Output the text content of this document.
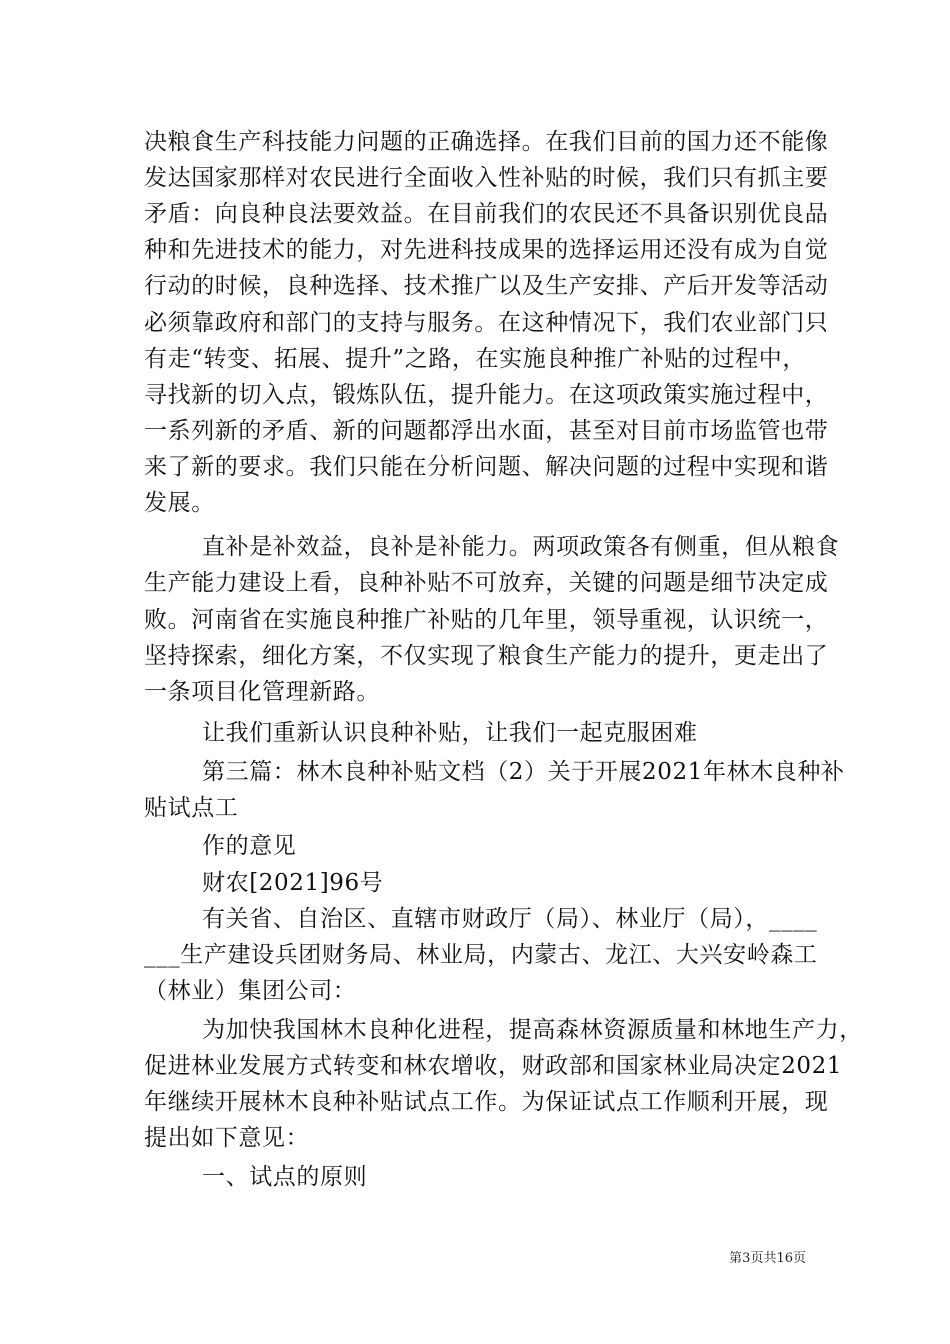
决粮食生产科技能力问题的正确选择。在我们目前的国力还不能像
发达国家那样对农民进行全面收入性补贴的时候，我们只有抓主要
矛盾：向良种良法要效益。在目前我们的农民还不具备识别优良品
种和先进技术的能力，对先进科技成果的选择运用还没有成为自觉
行动的时候，良种选择、技术推广以及生产安排、产后开发等活动
必须靠政府和部门的支持与服务。在这种情况下，我们农业部门只
有走“转变、拓展、提升”之路，在实施良种推广补贴的过程中，
寻找新的切入点，锻炼队伍，提升能力。在这项政策实施过程中，
一系列新的矛盾、新的问题都浮出水面，甚至对目前市场监管也带
来了新的要求。我们只能在分析问题、解决问题的过程中实现和谐
发展。
直补是补效益，良补是补能力。两项政策各有侧重，但从粮食
生产能力建设上看，良种补贴不可放弃，关键的问题是细节决定成
败。河南省在实施良种推广补贴的几年里，领导重视，认识统一，
坚持探索，细化方案，不仅实现了粮食生产能力的提升，更走出了
一条项目化管理新路。
让我们重新认识良种补贴，让我们一起克服困难
第三篇：林木良种补贴文档（2）关于开展2021年林木良种补
贴试点工
作的意见
财农[2021]96号
有关省、自治区、直辖市财政厅（局）、林业厅（局），____
___生产建设兵团财务局、林业局，内蒙古、龙江、大兴安岭森工
（林业）集团公司：
为加快我国林木良种化进程，提高森林资源质量和林地生产力，
促进林业发展方式转变和林农增收，财政部和国家林业局决定2021
年继续开展林木良种补贴试点工作。为保证试点工作顺利开展，现
提出如下意见：
一、试点的原则
第3页共16页
